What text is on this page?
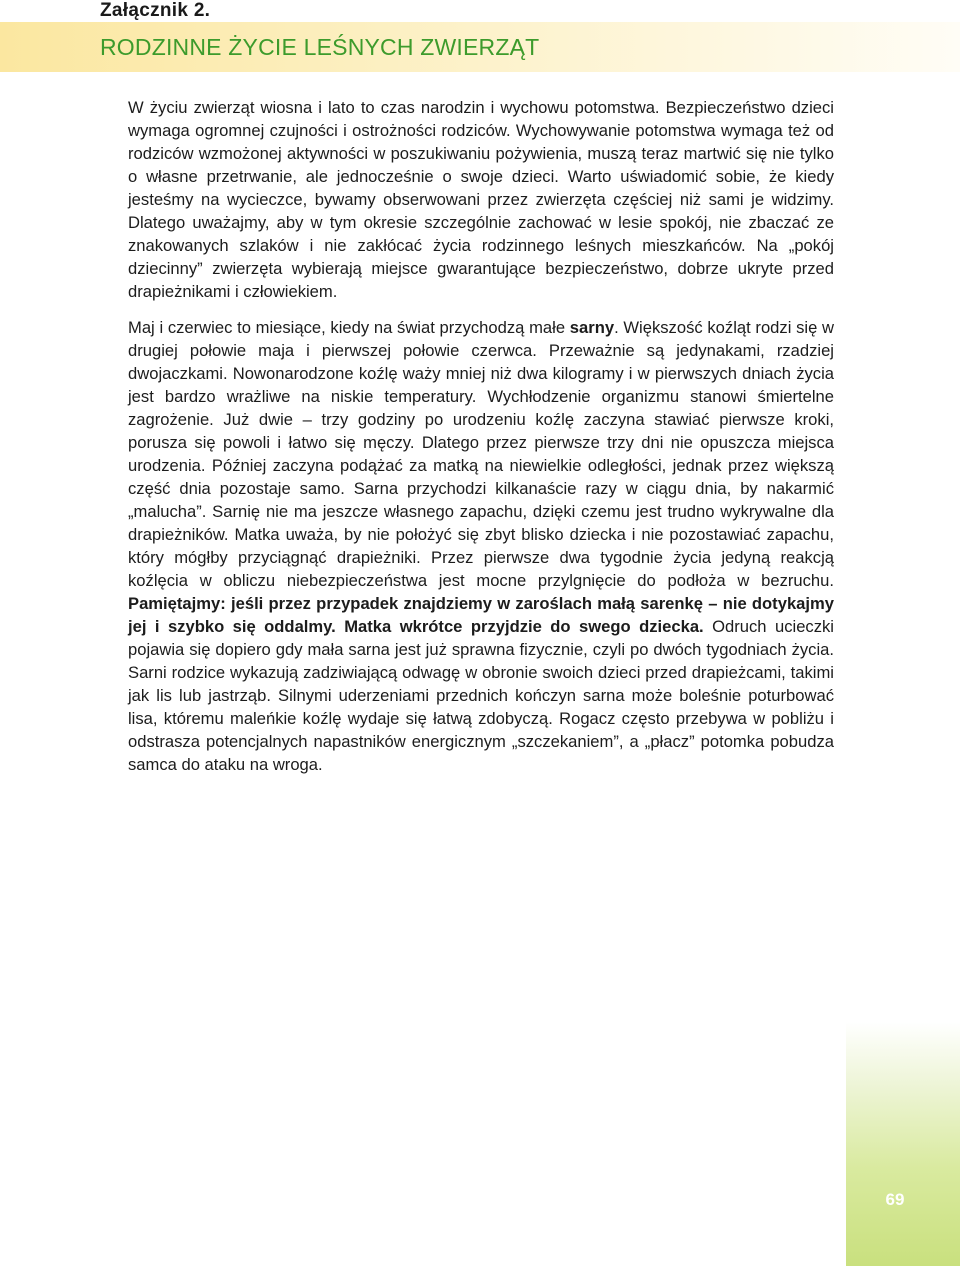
Załącznik 2.
RODZINNE ŻYCIE LEŚNYCH ZWIERZĄT

W życiu zwierząt wiosna i lato to czas narodzin i wychowu potomstwa. Bezpieczeństwo dzieci wymaga ogromnej czujności i ostrożności rodziców. Wychowywanie potomstwa wymaga też od rodziców wzmożonej aktywności w poszukiwaniu pożywienia, muszą teraz martwić się nie tylko o własne przetrwanie, ale jednocześnie o swoje dzieci. Warto uświadomić sobie, że kiedy jesteśmy na wycieczce, bywamy obserwowani przez zwierzęta częściej niż sami je widzimy. Dlatego uważajmy, aby w tym okresie szczególnie zachować w lesie spokój, nie zbaczać ze znakowanych szlaków i nie zakłócać życia rodzinnego leśnych mieszkańców. Na „pokój dziecinny” zwierzęta wybierają miejsce gwarantujące bezpieczeństwo, dobrze ukryte przed drapieżnikami i człowiekiem.

Maj i czerwiec to miesiące, kiedy na świat przychodzą małe sarny. Większość koźląt rodzi się w drugiej połowie maja i pierwszej połowie czerwca. Przeważnie są jedynakami, rzadziej dwojaczkami. Nowonarodzone koźlę waży mniej niż dwa kilogramy i w pierwszych dniach życia jest bardzo wrażliwe na niskie temperatury. Wychłodzenie organizmu stanowi śmiertelne zagrożenie. Już dwie – trzy godziny po urodzeniu koźlę zaczyna stawiać pierwsze kroki, porusza się powoli i łatwo się męczy. Dlatego przez pierwsze trzy dni nie opuszcza miejsca urodzenia. Później zaczyna podążać za matką na niewielkie odległości, jednak przez większą część dnia pozostaje samo. Sarna przychodzi kilkanaście razy w ciągu dnia, by nakarmić „malucha”. Sarnię nie ma jeszcze własnego zapachu, dzięki czemu jest trudno wykrywalne dla drapieżników. Matka uważa, by nie położyć się zbyt blisko dziecka i nie pozostawiać zapachu, który mógłby przyciągnąć drapieżniki. Przez pierwsze dwa tygodnie życia jedyną reakcją koźlęcia w obliczu niebezpieczeństwa jest mocne przylgnięcie do podłoża w bezruchu. Pamiętajmy: jeśli przez przypadek znajdziemy w zaroślach małą sarenkę – nie dotykajmy jej i szybko się oddalmy. Matka wkrótce przyjdzie do swego dziecka. Odruch ucieczki pojawia się dopiero gdy mała sarna jest już sprawna fizycznie, czyli po dwóch tygodniach życia. Sarni rodzice wykazują zadziwiającą odwagę w obronie swoich dzieci przed drapieżcami, takimi jak lis lub jastrząb. Silnymi uderzeniami przednich kończyn sarna może boleśnie poturbować lisa, któremu maleńkie koźlę wydaje się łatwą zdobyczą. Rogacz często przebywa w pobliżu i odstrasza potencjalnych napastników energicznym „szczekaniem”, a „płacz” potomka pobudza samca do ataku na wroga.

69
